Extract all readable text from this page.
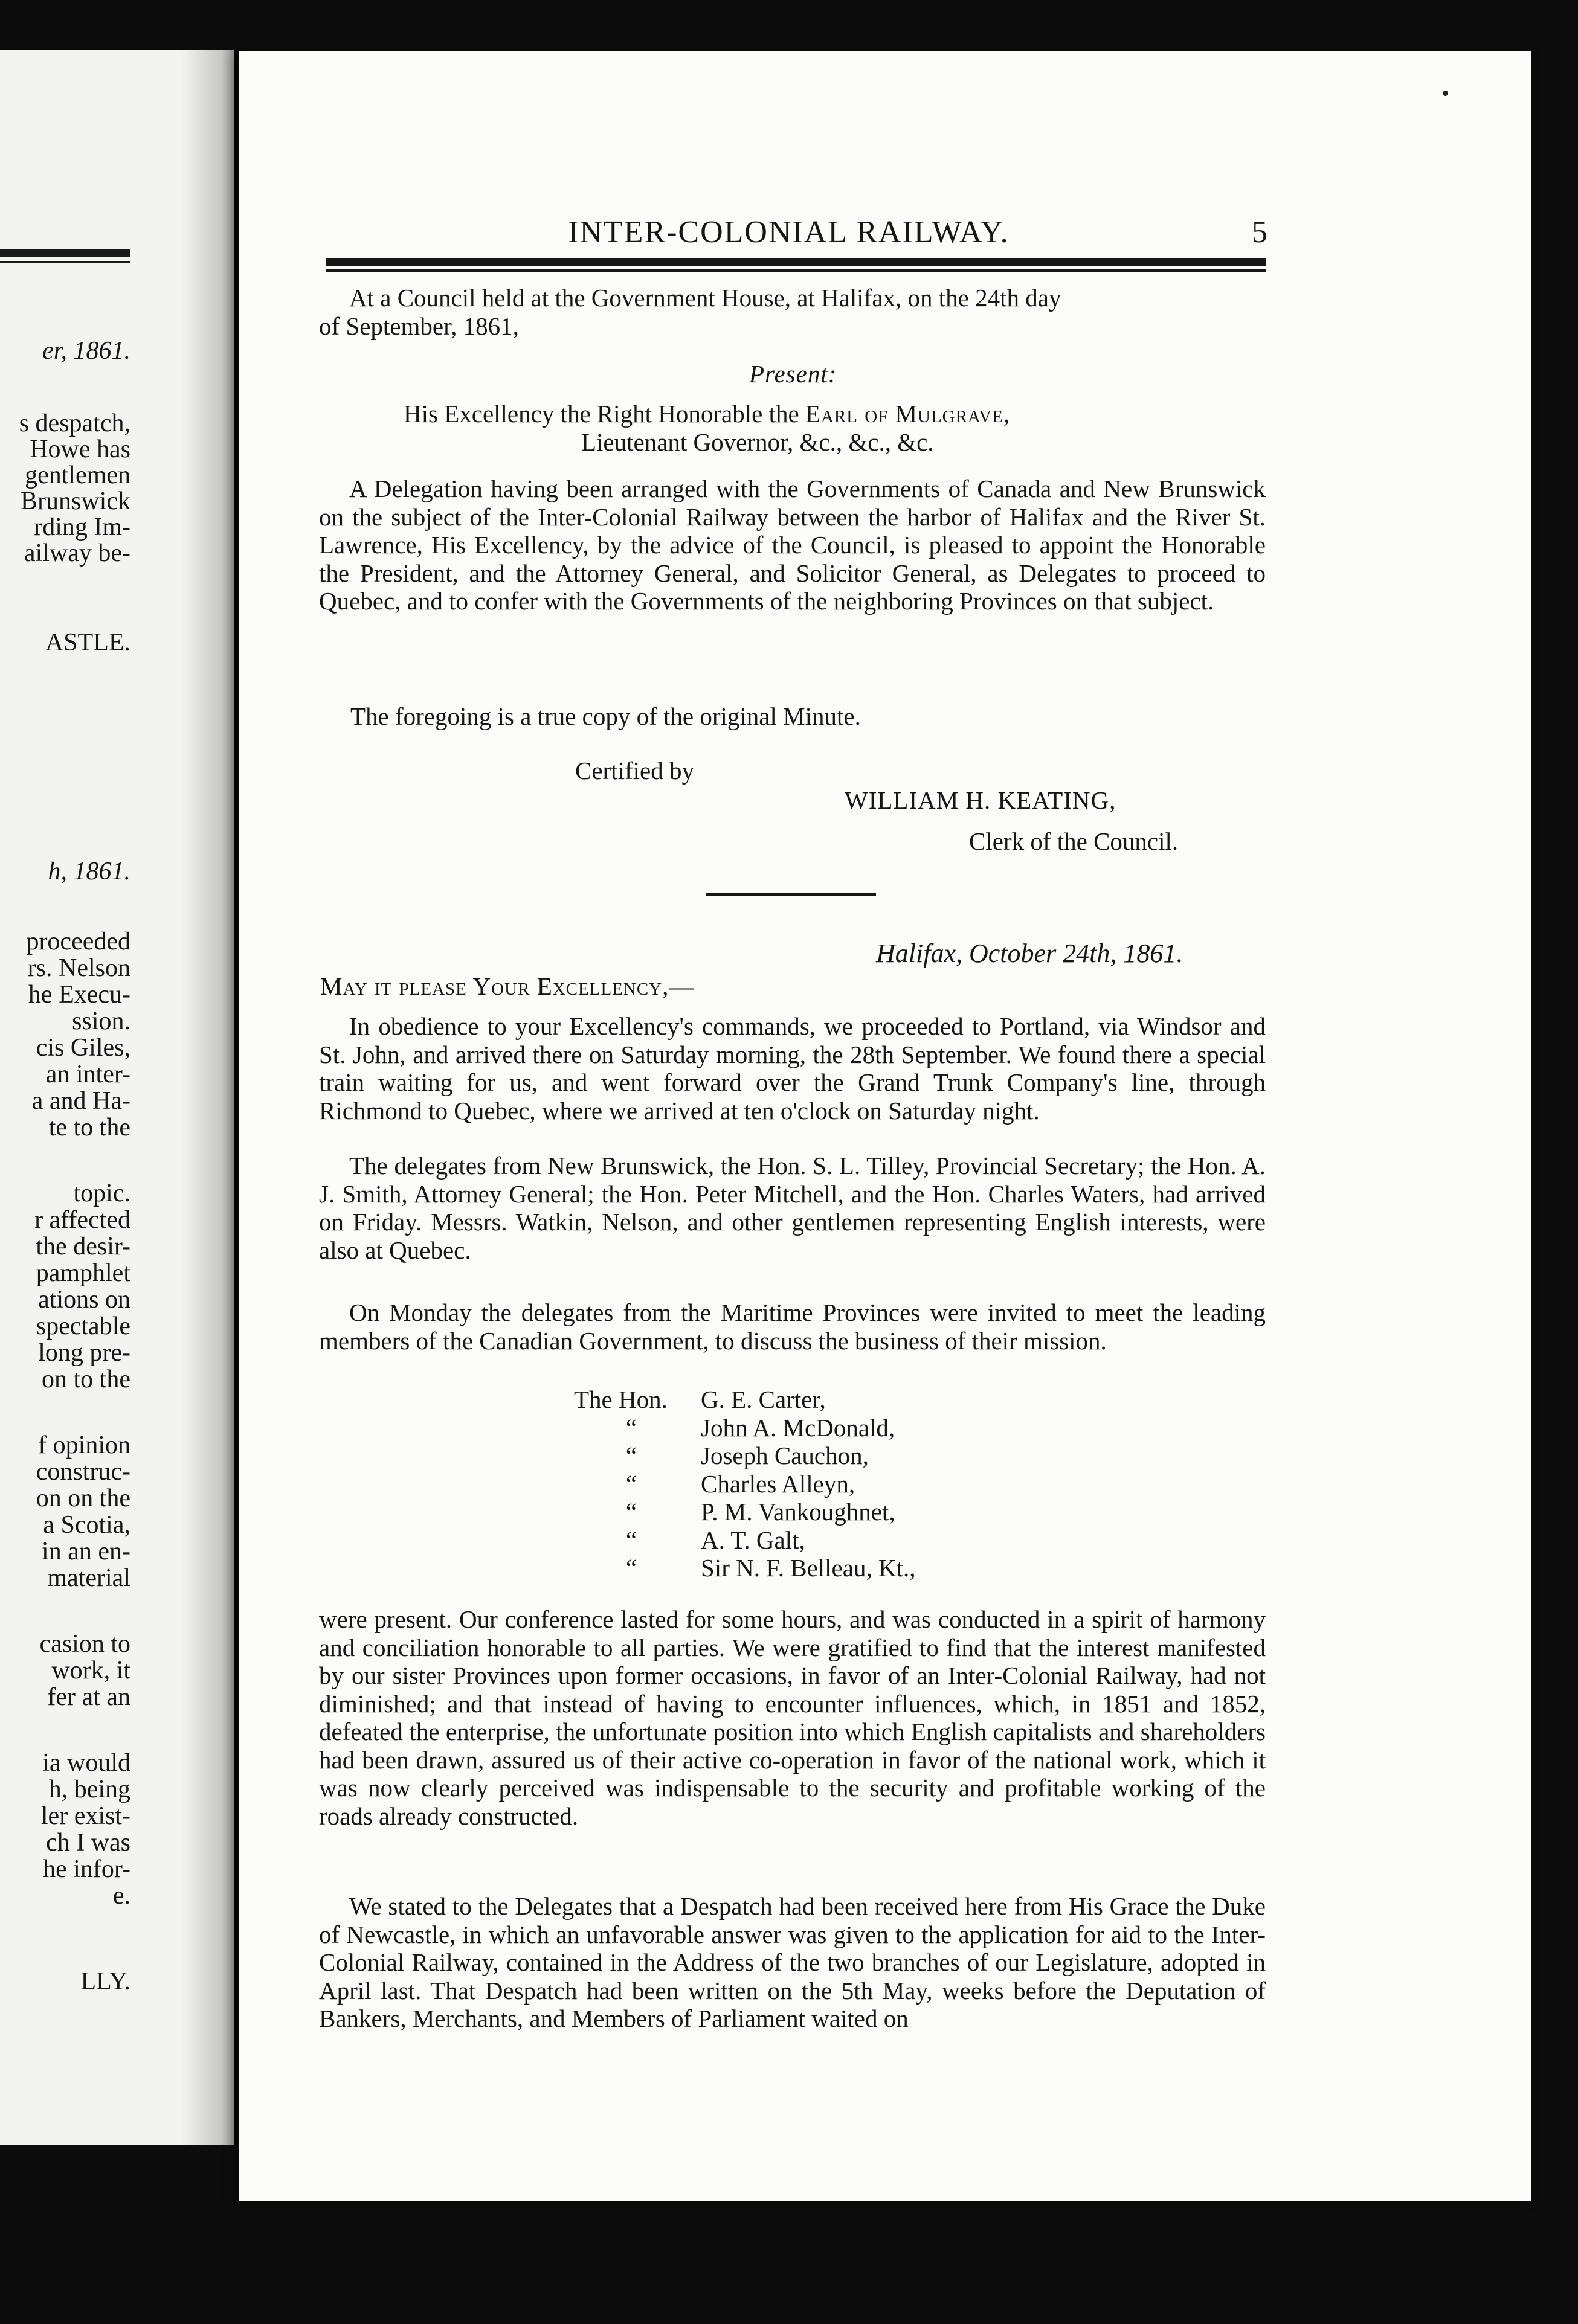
er, 1861.
s despatch,
Howe has
gentlemen
Brunswick
rding Im-
ailway be-
ASTLE.
h, 1861.
proceeded
rs. Nelson
he Execu-
ssion.
cis Giles,
an inter-
a and Ha-
te to the
topic.
r affected
the desir-
pamphlet
ations on
spectable
long pre-
on to the
f opinion
construc-
on on the
a Scotia,
in an en-
material
casion to
work, it
fer at an
ia would
h, being
ler exist-
ch I was
he infor-
e.
LLY.
INTER-COLONIAL RAILWAY.	5
At a Council held at the Government House, at Halifax, on the 24th day
of September, 1861,
Present:
His Excellency the Right Honorable the Earl of Mulgrave,
Lieutenant Governor, &c., &c., &c.
A Delegation having been arranged with the Governments of Canada and New Brunswick on the subject of the Inter-Colonial Railway between the harbor of Halifax and the River St. Lawrence, His Excellency, by the advice of the Council, is pleased to appoint the Honorable the President, and the Attorney General, and Solicitor General, as Delegates to proceed to Quebec, and to confer with the Governments of the neighboring Provinces on that subject.
The foregoing is a true copy of the original Minute.
Certified by
WILLIAM H. KEATING,
Clerk of the Council.
Halifax, October 24th, 1861.
May it please Your Excellency,—
In obedience to your Excellency's commands, we proceeded to Portland, via Windsor and St. John, and arrived there on Saturday morning, the 28th September. We found there a special train waiting for us, and went forward over the Grand Trunk Company's line, through Richmond to Quebec, where we arrived at ten o'clock on Saturday night.
The delegates from New Brunswick, the Hon. S. L. Tilley, Provincial Secretary; the Hon. A. J. Smith, Attorney General; the Hon. Peter Mitchell, and the Hon. Charles Waters, had arrived on Friday. Messrs. Watkin, Nelson, and other gentlemen representing English interests, were also at Quebec.
On Monday the delegates from the Maritime Provinces were invited to meet the leading members of the Canadian Government, to discuss the business of their mission.
The Hon. G. E. Carter,
“	John A. McDonald,
“	Joseph Cauchon,
“	Charles Alleyn,
“	P. M. Vankoughnet,
“	A. T. Galt,
“	Sir N. F. Belleau, Kt.,
were present. Our conference lasted for some hours, and was conducted in a spirit of harmony and conciliation honorable to all parties. We were gratified to find that the interest manifested by our sister Provinces upon former occasions, in favor of an Inter-Colonial Railway, had not diminished; and that instead of having to encounter influences, which, in 1851 and 1852, defeated the enterprise, the unfortunate position into which English capitalists and shareholders had been drawn, assured us of their active co-operation in favor of the national work, which it was now clearly perceived was indispensable to the security and profitable working of the roads already constructed.
We stated to the Delegates that a Despatch had been received here from His Grace the Duke of Newcastle, in which an unfavorable answer was given to the application for aid to the Inter-Colonial Railway, contained in the Address of the two branches of our Legislature, adopted in April last. That Despatch had been written on the 5th May, weeks before the Deputation of Bankers, Merchants, and Members of Parliament waited on
